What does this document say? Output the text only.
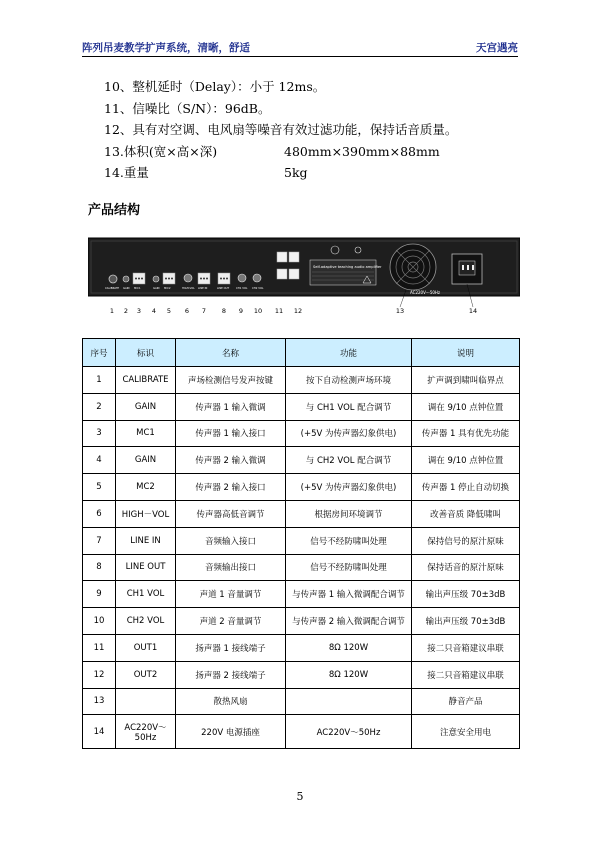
阵列吊麦教学扩声系统，清晰，舒适	天宫遇亮
10、整机延时（Delay）：小于 12ms。
11、信噪比（S/N）：96dB。
12、具有对空调、电风扇等噪音有效过滤功能，保持话音质量。
13.体积(宽×高×深)	480mm×390mm×88mm
14.重量	5kg
产品结构
Self-adaptive teaching audio amplifier
AC220V～50Hz
CALIBRATE GAIN MIC1	GAIN MIC2	HIGH-VOL LINE IN	LINE OUT	CH1 VOL CH2 VOL
1 2 3 4 5 6 7 8 9 10 11 12	13	14
序号	标识	名称	功能	说明
1	CALIBRATE	声场检测信号发声按键	按下自动检测声场环境	扩声调到啸叫临界点
2	GAIN	传声器 1 输入微调	与 CH1 VOL 配合调节	调在 9/10 点钟位置
3	MC1	传声器 1 输入接口	(+5V 为传声器幻象供电)	传声器 1 具有优先功能
4	GAIN	传声器 2 输入微调	与 CH2 VOL 配合调节	调在 9/10 点钟位置
5	MC2	传声器 2 输入接口	(+5V 为传声器幻象供电)	传声器 1 停止自动切换
6	HIGH－VOL	传声器高低音调节	根据房间环境调节	改善音质 降低啸叫
7	LINE IN	音频输入接口	信号不经防啸叫处理	保持信号的原汁原味
8	LINE OUT	音频输出接口	信号不经防啸叫处理	保持话音的原汁原味
9	CH1 VOL	声道 1 音量调节	与传声器 1 输入微调配合调节	输出声压级 70±3dB
10	CH2 VOL	声道 2 音量调节	与传声器 2 输入微调配合调节	输出声压级 70±3dB
11	OUT1	扬声器 1 接线端子	8Ω 120W	接二只音箱建议串联
12	OUT2	扬声器 2 接线端子	8Ω 120W	接二只音箱建议串联
13		散热风扇		静音产品
14	AC220V～50Hz	220V 电源插座	AC220V～50Hz	注意安全用电
5
